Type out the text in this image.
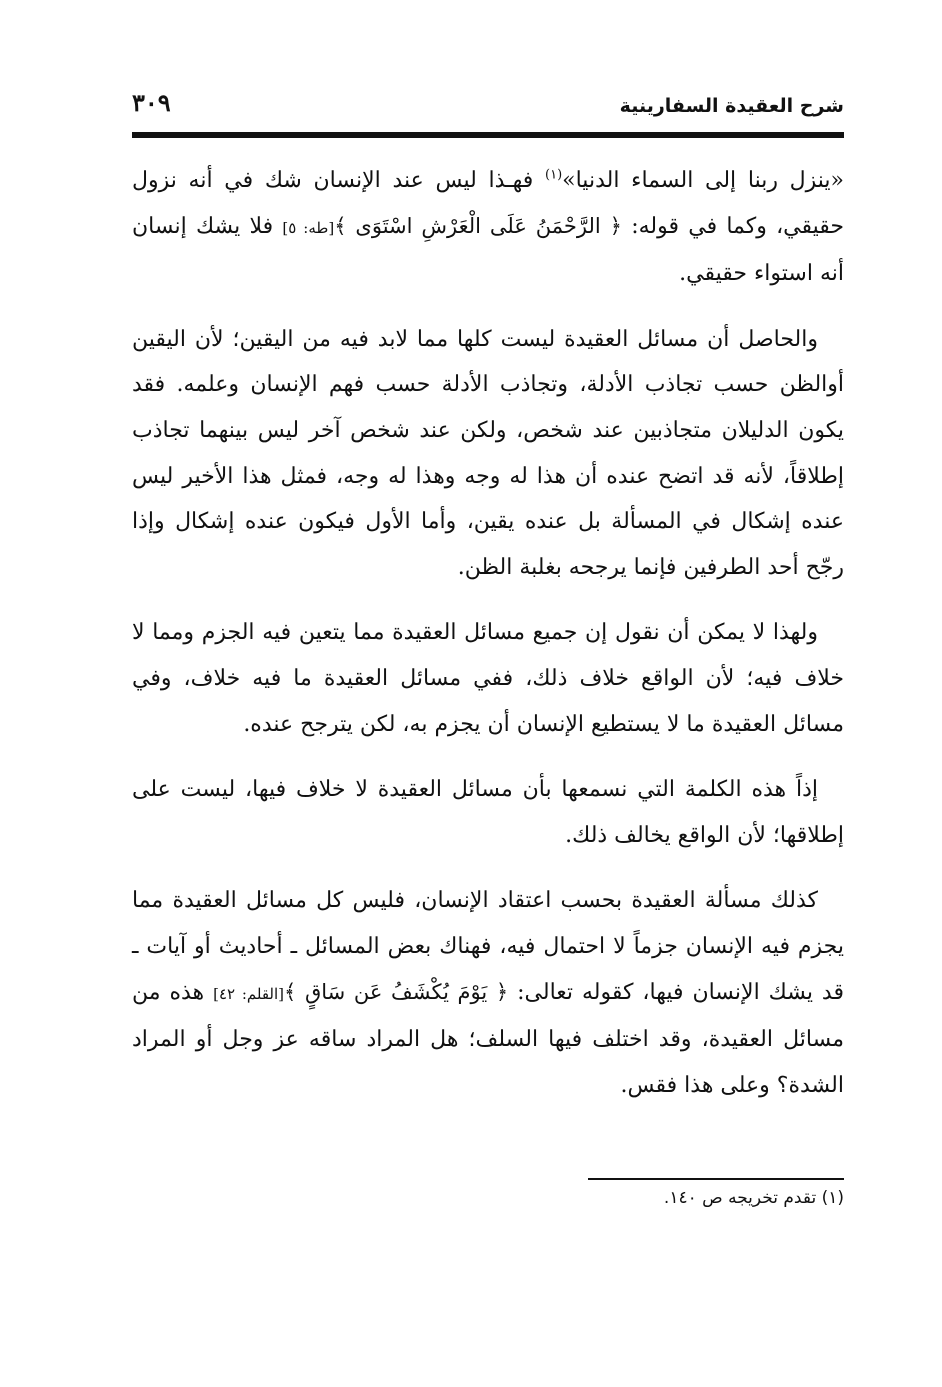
شرح العقيدة السفارينية
٣٠٩

«ينزل ربنا إلى السماء الدنيا»$^{(١)}$ فهـذا ليس عند الإنسان شك في أنه نزول حقيقي، وكما في قوله: ﴿ الرَّحْمَنُ عَلَى الْعَرْشِ اسْتَوَى ﴾[طه: ٥] فلا يشك إنسان أنه استواء حقيقي.

والحاصل أن مسائل العقيدة ليست كلها مما لابد فيه من اليقين؛ لأن اليقين أوالظن حسب تجاذب الأدلة، وتجاذب الأدلة حسب فهم الإنسان وعلمه. فقد يكون الدليلان متجاذبين عند شخص، ولكن عند شخص آخر ليس بينهما تجاذب إطلاقاً، لأنه قد اتضح عنده أن هذا له وجه وهذا له وجه، فمثل هذا الأخير ليس عنده إشكال في المسألة بل عنده يقين، وأما الأول فيكون عنده إشكال وإذا رجّح أحد الطرفين فإنما يرجحه بغلبة الظن.

ولهذا لا يمكن أن نقول إن جميع مسائل العقيدة مما يتعين فيه الجزم ومما لا خلاف فيه؛ لأن الواقع خلاف ذلك، ففي مسائل العقيدة ما فيه خلاف، وفي مسائل العقيدة ما لا يستطيع الإنسان أن يجزم به، لكن يترجح عنده.

إذاً هذه الكلمة التي نسمعها بأن مسائل العقيدة لا خلاف فيها، ليست على إطلاقها؛ لأن الواقع يخالف ذلك.

كذلك مسألة العقيدة بحسب اعتقاد الإنسان، فليس كل مسائل العقيدة مما يجزم فيه الإنسان جزماً لا احتمال فيه، فهناك بعض المسائل ـ أحاديث أو آيات ـ قد يشك الإنسان فيها، كقوله تعالى: ﴿ يَوْمَ يُكْشَفُ عَن سَاقٍ ﴾[القلم: ٤٢] هذه من مسائل العقيدة، وقد اختلف فيها السلف؛ هل المراد ساقه عز وجل أو المراد الشدة؟ وعلى هذا فقس.

(١) تقدم تخريجه ص ١٤٠.
